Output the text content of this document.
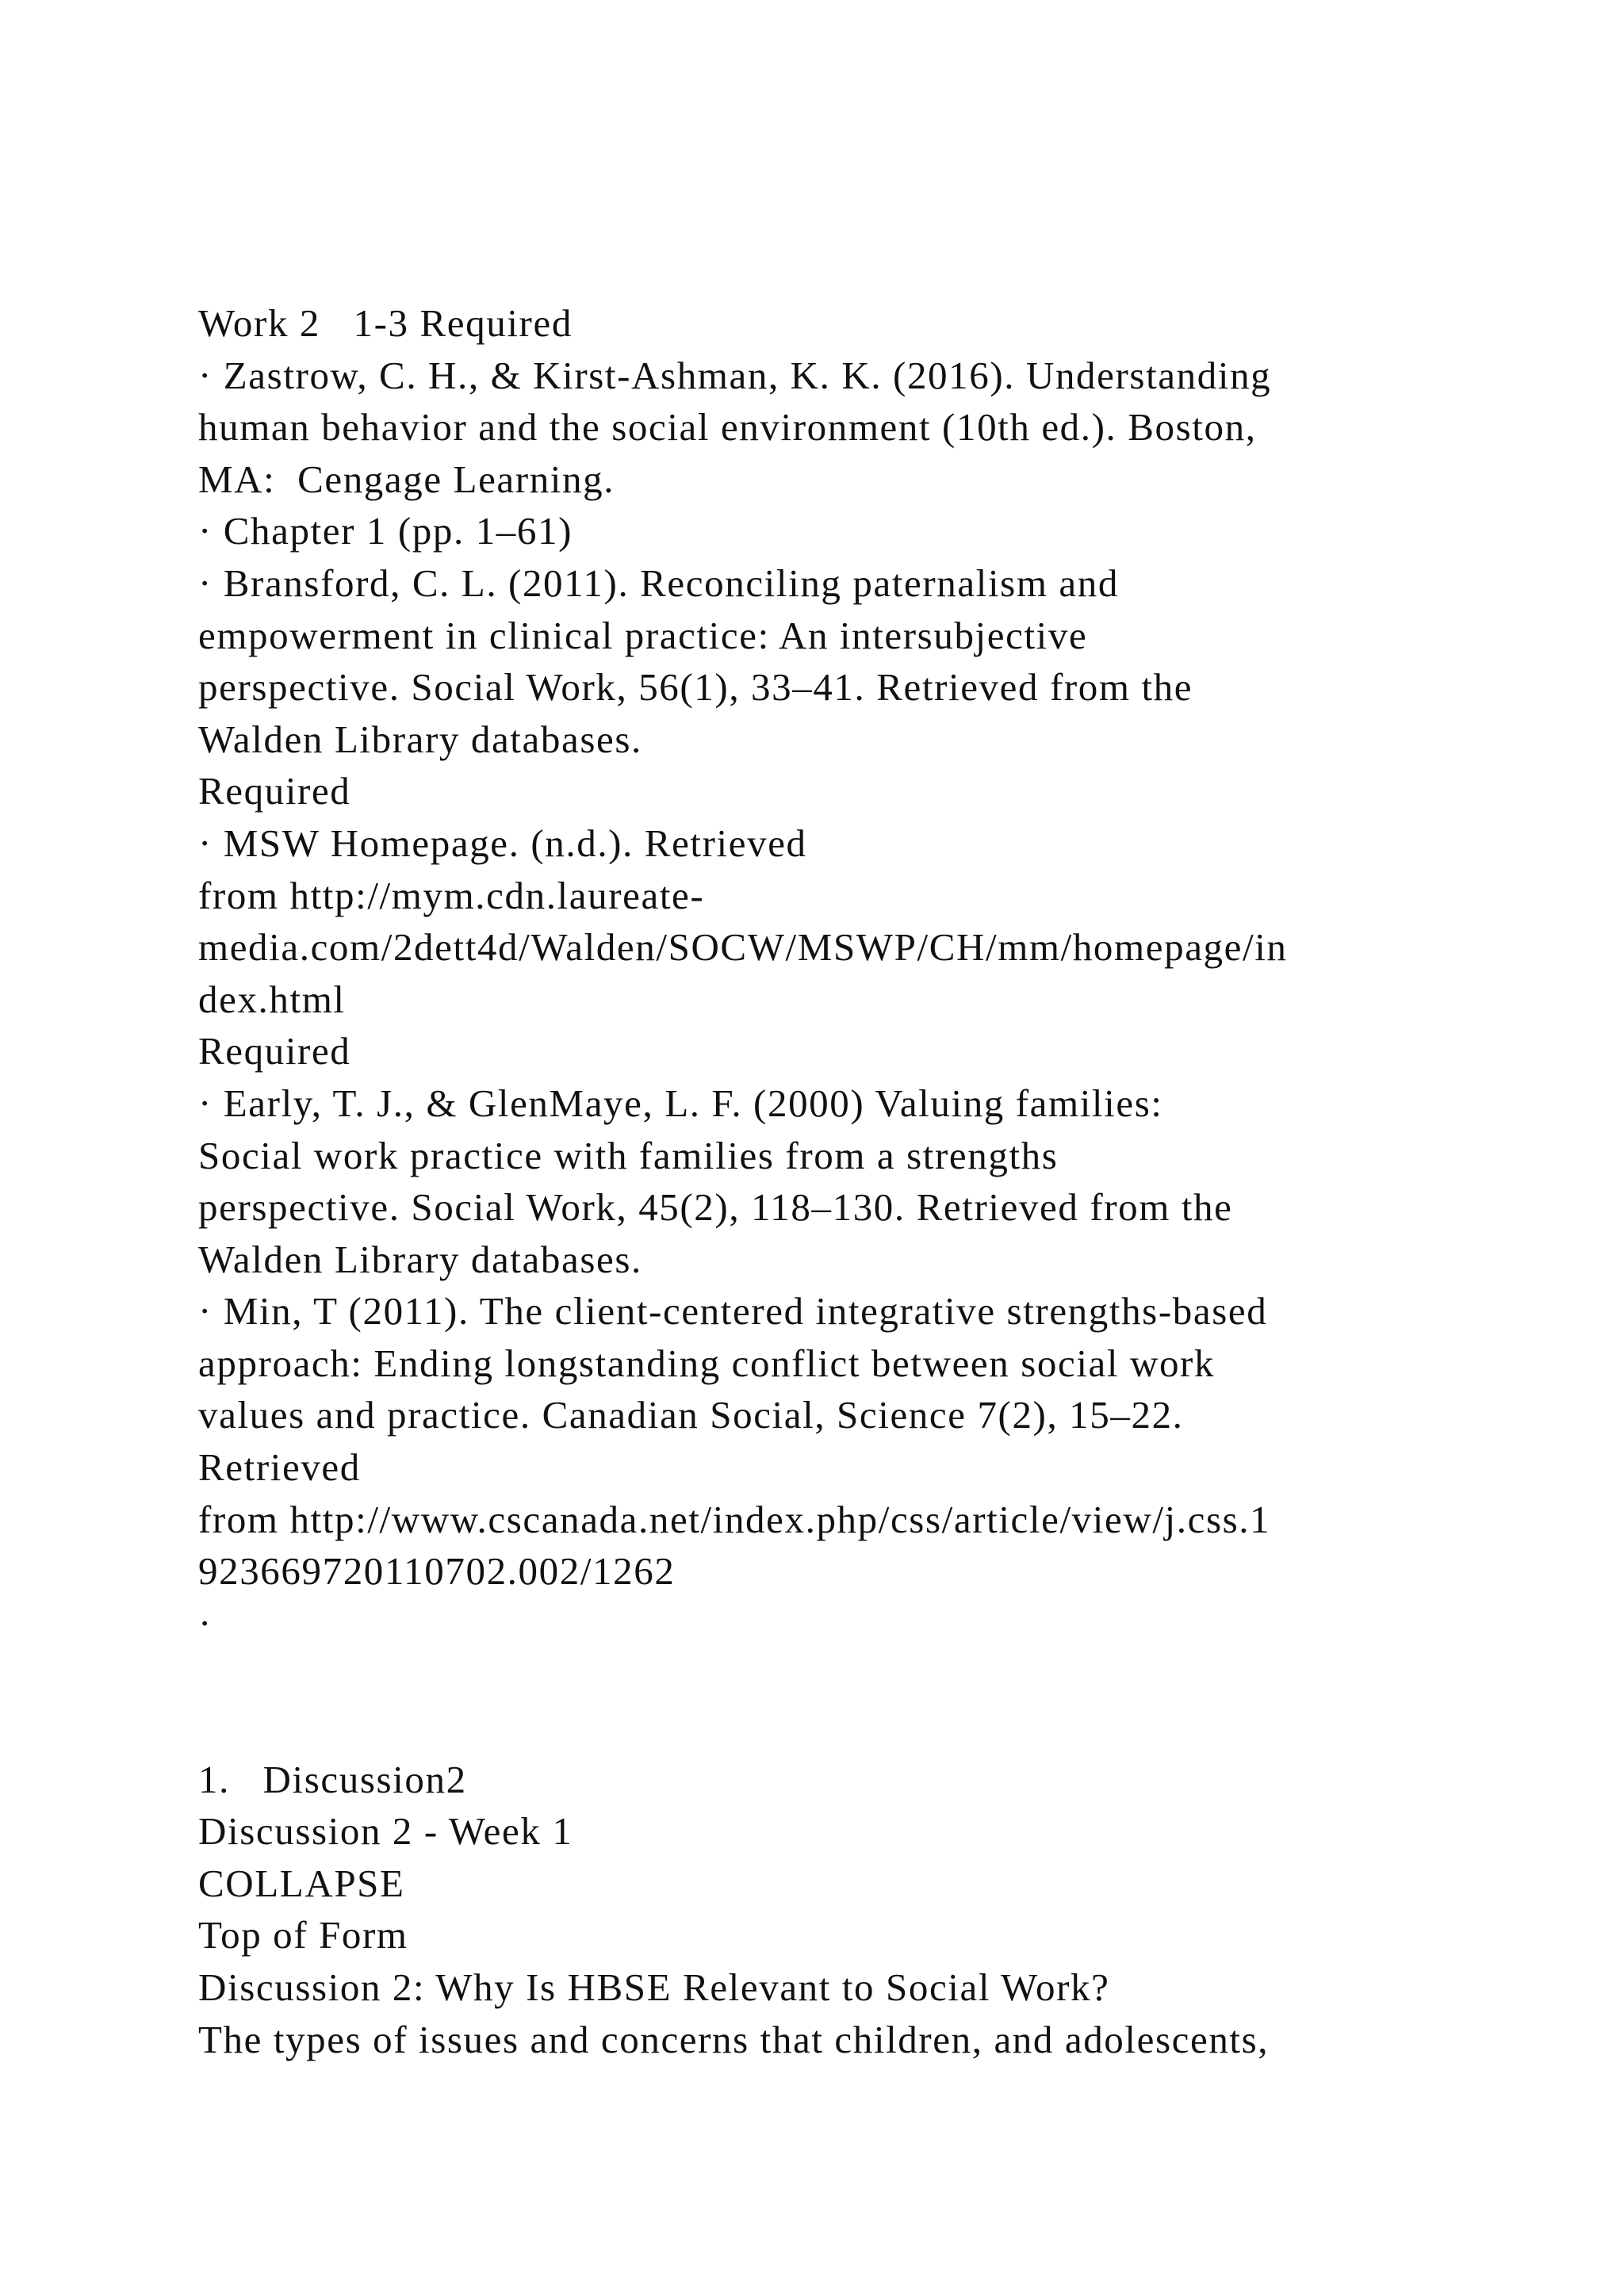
Work 2   1-3 Required
· Zastrow, C. H., & Kirst-Ashman, K. K. (2016). Understanding
human behavior and the social environment (10th ed.). Boston,
MA:  Cengage Learning.
· Chapter 1 (pp. 1–61)
· Bransford, C. L. (2011). Reconciling paternalism and
empowerment in clinical practice: An intersubjective
perspective. Social Work, 56(1), 33–41. Retrieved from the
Walden Library databases.
Required
· MSW Homepage. (n.d.). Retrieved
from http://mym.cdn.laureate-
media.com/2dett4d/Walden/SOCW/MSWP/CH/mm/homepage/in
dex.html
Required
· Early, T. J., & GlenMaye, L. F. (2000) Valuing families:
Social work practice with families from a strengths
perspective. Social Work, 45(2), 118–130. Retrieved from the
Walden Library databases.
· Min, T (2011). The client-centered integrative strengths-based
approach: Ending longstanding conflict between social work
values and practice. Canadian Social, Science 7(2), 15–22.
Retrieved
from http://www.cscanada.net/index.php/css/article/view/j.css.1
923669720110702.002/1262
·
1.   Discussion2
Discussion 2 - Week 1
COLLAPSE
Top of Form
Discussion 2: Why Is HBSE Relevant to Social Work?
The types of issues and concerns that children, and adolescents,
